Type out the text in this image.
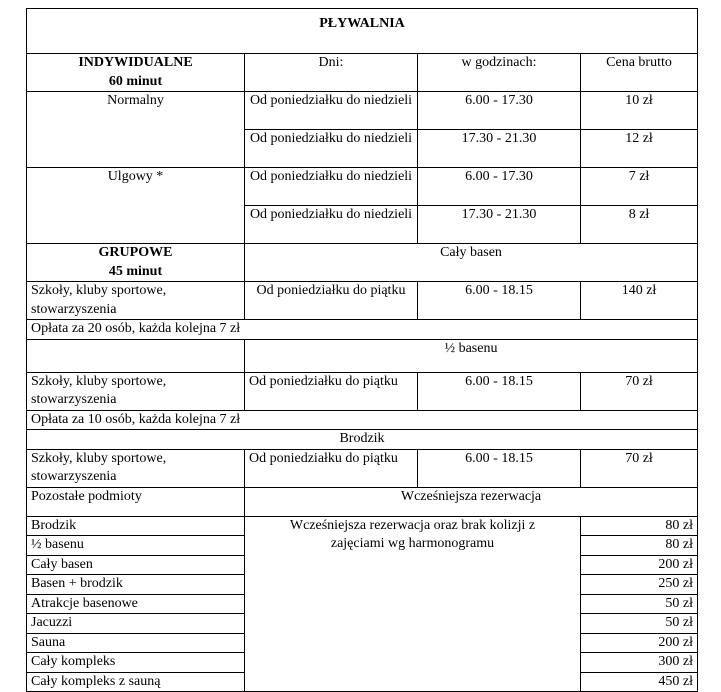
PŁYWALNIA			

INDYWIDUALNE
60 minut	Dni:	w godzinach:	Cena brutto
Normalny	Od poniedziałku do niedzieli	6.00 - 17.30	10 zł
	Od poniedziałku do niedzieli	17.30 - 21.30	12 zł
Ulgowy *	Od poniedziałku do niedzieli	6.00 - 17.30	7 zł
	Od poniedziałku do niedzieli	17.30 - 21.30	8 zł

GRUPOWE
45 minut	Cały basen		
Szkoły, kluby sportowe, stowarzyszenia	Od poniedziałku do piątku	6.00 - 18.15	140 zł
Opłata za 20 osób, każda kolejna 7 zł			
	½ basenu		
Szkoły, kluby sportowe, stowarzyszenia	Od poniedziałku do piątku	6.00 - 18.15	70 zł
Opłata za 10 osób, każda kolejna 7 zł			
Brodzik			
Szkoły, kluby sportowe, stowarzyszenia	Od poniedziałku do piątku	6.00 - 18.15	70 zł
Pozostałe podmioty	Wcześniejsza rezerwacja		
Brodzik	Wcześniejsza rezerwacja oraz brak kolizji z zajęciami wg harmonogramu		80 zł
½ basenu			80 zł
Cały basen			200 zł
Basen + brodzik			250 zł
Atrakcje basenowe			50 zł
Jacuzzi			50 zł
Sauna			200 zł
Cały kompleks			300 zł
Cały kompleks z sauną			450 zł
